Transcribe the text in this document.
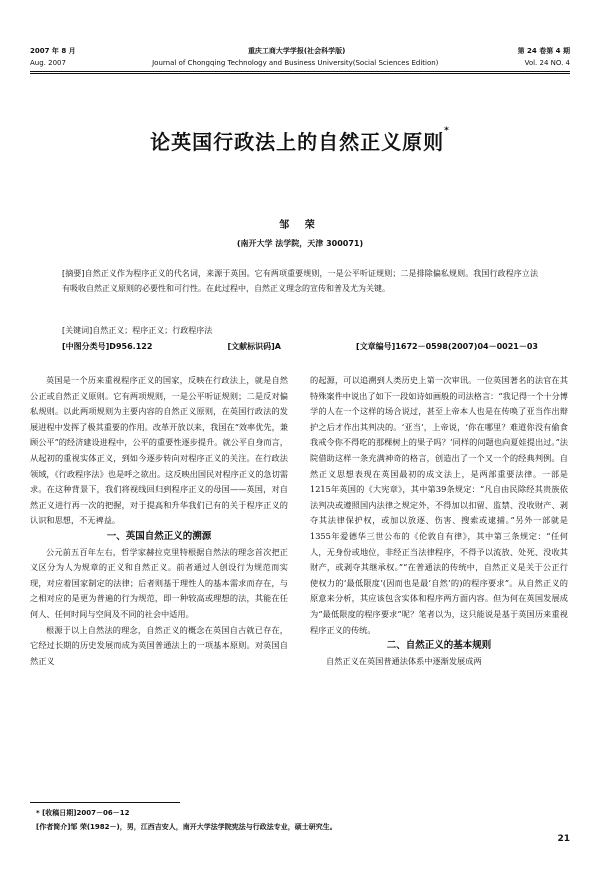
2007 年 8 月	重庆工商大学学报(社会科学版)	第 24 卷第 4 期
Aug. 2007	Journal of Chongqing Technology and Business University(Social Sciences Edition)	Vol. 24 NO. 4
论英国行政法上的自然正义原则*
邹 荣
(南开大学 法学院，天津 300071)

[摘要]自然正义作为程序正义的代名词，来源于英国。它有两项重要规则，一是公平听证规则；二是排除偏私规则。我国行政程序立法有吸收自然正义原则的必要性和可行性。在此过程中，自然正义理念的宣传和普及尤为关键。

[关键词]自然正义；程序正义；行政程序法
[中图分类号]D956.122	[文献标识码]A	[文章编号]1672－0598(2007)04－0021－03

英国是一个历来重视程序正义的国家，反映在行政法上，就是自然公正或自然正义原则。它有两项规则，一是公平听证规则；二是反对偏私规则。以此两项规则为主要内容的自然正义原则，在英国行政法的发展进程中发挥了极其重要的作用。改革开放以来，我国在“效率优先，兼顾公平”的经济建设进程中，公平的重要性逐步提升。就公平自身而言，从起初的重视实体正义，到如今逐步转向对程序正义的关注。在行政法领域，《行政程序法》也是呼之欲出。这反映出国民对程序正义的急切需求。在这种背景下，我们将视线回归到程序正义的母国——英国，对自然正义进行再一次的把握，对于提高和升华我们已有的关于程序正义的认识和思想，不无裨益。

一、英国自然正义的溯源

公元前五百年左右，哲学家赫拉克里特根据自然法的理念首次把正义区分为人为规章的正义和自然正义。前者通过人创设行为规范而实现，对应着国家制定的法律；后者则基于理性人的基本需求而存在，与之相对应的是更为普遍的行为规范，即一种较高或理想的法，其能在任何人、任何时间与空间及不同的社会中适用。

根源于以上自然法的理念，自然正义的概念在英国自古就已存在，它经过长期的历史发展而成为英国普通法上的一项基本原则。对英国自然正义

的起源，可以追溯到人类历史上第一次审讯。一位英国著名的法官在其特殊案件中说出了如下一段如诗如画般的司法格言：“我记得一个十分博学的人在一个这样的场合说过，甚至上帝本人也是在传唤了亚当作出辩护之后才作出其判决的。‘亚当’，上帝说，‘你在哪里？难道你没有偷食我戒令你不得吃的那棵树上的果子吗？’同样的问题也向夏娃提出过。”法院借助这样一条充满神奇的格言，创造出了一个又一个的经典判例。自然正义思想表现在英国最初的成文法上，是两部重要法律。一部是1215年英国的《大宪章》，其中第39条规定：“凡自由民除经其贵族依法判决或遵照国内法律之规定外，不得加以扣留、监禁、没收财产、剥夺其法律保护权，或加以放逐、伤害、搜索或逮捕。”另外一部就是1355年爱德华三世公布的《伦敦自有律》，其中第三条规定：“任何人，无身份或地位，非经正当法律程序，不得予以流放、处死、没收其财产，或剥夺其继承权。”“在普通法的传统中，自然正义是关于公正行使权力的‘最低限度’(因而也是最‘自然’的)的程序要求”。从自然正义的原意来分析，其应该包含实体和程序两方面内容。但为何在英国发展成为“最低限度的程序要求”呢？笔者以为，这只能说是基于英国历来重视程序正义的传统。

二、自然正义的基本规则

自然正义在英国普通法体系中逐渐发展成两

* [收稿日期]2007－06－12
[作者简介]邹 荣(1982－)，男，江西吉安人，南开大学法学院宪法与行政法专业，硕士研究生。
21
